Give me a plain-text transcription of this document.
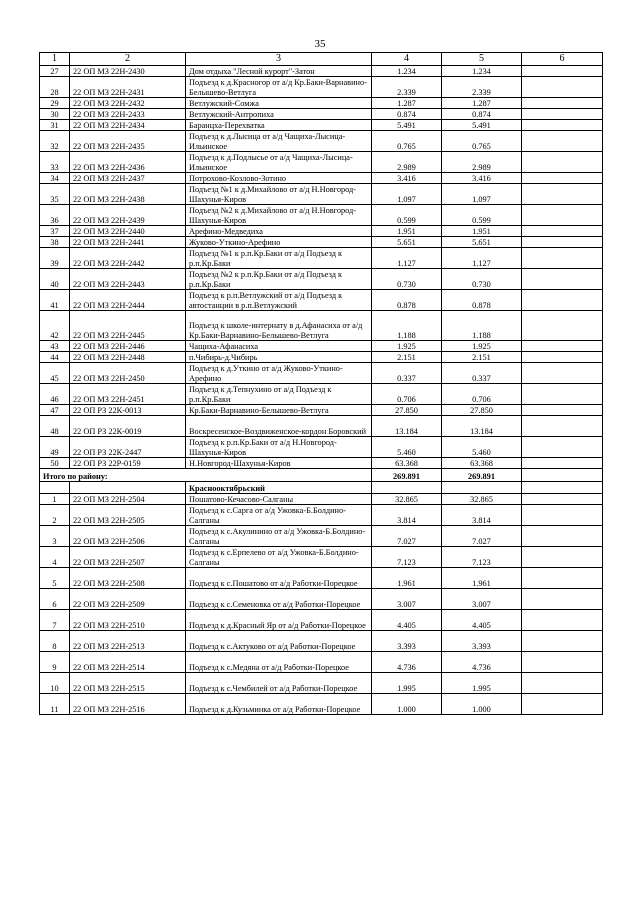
35
1	2	3	4	5	6
27	22 ОП МЗ 22Н-2430	Дом отдыха "Лесной курорт"-Затон	1.234	1.234	
28	22 ОП МЗ 22Н-2431	Подъезд к д.Красногор от а/д Кр.Баки-Варнавино-Белышево-Ветлуга	2.339	2.339	
29	22 ОП МЗ 22Н-2432	Ветлужский-Сомжа	1.287	1.287	
30	22 ОП МЗ 22Н-2433	Ветлужский-Антропиха	0.874	0.874	
31	22 ОП МЗ 22Н-2434	Баранцха-Перехватка	5.491	5.491	
32	22 ОП МЗ 22Н-2435	Подъезд к д.Лысица от а/д Чащиха-Лысица-Ильинское	0.765	0.765	
33	22 ОП МЗ 22Н-2436	Подъезд к д.Подлысье от а/д Чащиха-Лысица-Ильинское	2.989	2.989	
34	22 ОП МЗ 22Н-2437	Потрохово-Козлово-Зотино	3.416	3.416	
35	22 ОП МЗ 22Н-2438	Подъезд №1 к д.Михайлово от а/д Н.Новгород-Шахунья-Киров	1.097	1.097	
36	22 ОП МЗ 22Н-2439	Подъезд №2 к д.Михайлово от а/д Н.Новгород-Шахунья-Киров	0.599	0.599	
37	22 ОП МЗ 22Н-2440	Арефино-Медведиха	1.951	1.951	
38	22 ОП МЗ 22Н-2441	Жуково-Уткино-Арефино	5.651	5.651	
39	22 ОП МЗ 22Н-2442	Подъезд №1 к р.п.Кр.Баки от а/д Подъезд к р.п.Кр.Баки	1.127	1.127	
40	22 ОП МЗ 22Н-2443	Подъезд №2 к р.п.Кр.Баки от а/д Подъезд к р.п.Кр.Баки	0.730	0.730	
41	22 ОП МЗ 22Н-2444	Подъезд к р.п.Ветлужский от а/д Подъезд к автостанции в р.п.Ветлужский	0.878	0.878	
42	22 ОП МЗ 22Н-2445	Подъезд к школе-интернату в д.Афанасиха от а/д Кр.Баки-Варнавино-Белышево-Ветлуга	1.188	1.188	
43	22 ОП МЗ 22Н-2446	Чащиха-Афанасиха	1.925	1.925	
44	22 ОП МЗ 22Н-2448	п.Чибирь-д.Чибирь	2.151	2.151	
45	22 ОП МЗ 22Н-2450	Подъезд к д.Уткино от а/д Жуково-Уткино-Арефино	0.337	0.337	
46	22 ОП МЗ 22Н-2451	Подъезд к д.Тепнухино от а/д Подъезд к р.п.Кр.Баки	0.706	0.706	
47	22 ОП РЗ 22К-0013	Кр.Баки-Варнавино-Белышево-Ветлуга	27.850	27.850	
48	22 ОП РЗ 22К-0019	Воскресенское-Воздвиженское-кордон Боровский	13.184	13.184	
49	22 ОП РЗ 22К-2447	Подъезд к р.п.Кр.Баки от а/д Н.Новгород-Шахунья-Киров	5.460	5.460	
50	22 ОП РЗ 22Р-0159	Н.Новгород-Шахунья-Киров	63.368	63.368	
Итого по району:			269.891	269.891	
		Краснооктябрьский			
1	22 ОП МЗ 22Н-2504	Пошатово-Кечасово-Салганы	32.865	32.865	
2	22 ОП МЗ 22Н-2505	Подъезд к с.Сарга от а/д Ужовка-Б.Болдино-Салганы	3.814	3.814	
3	22 ОП МЗ 22Н-2506	Подъезд к с.Акулинино от а/д Ужовка-Б.Болдино-Салганы	7.027	7.027	
4	22 ОП МЗ 22Н-2507	Подъезд к с.Ерпелево от а/д Ужовка-Б.Болдино-Салганы	7.123	7.123	
5	22 ОП МЗ 22Н-2508	Подъезд к с.Пошатово от а/д Работки-Порецкое	1.961	1.961	
6	22 ОП МЗ 22Н-2509	Подъезд к с.Семеновка от а/д Работки-Порецкое	3.007	3.007	
7	22 ОП МЗ 22Н-2510	Подъезд к д.Красный Яр от а/д Работки-Порецкое	4.405	4.405	
8	22 ОП МЗ 22Н-2513	Подъезд к с.Актуково от а/д Работки-Порецкое	3.393	3.393	
9	22 ОП МЗ 22Н-2514	Подъезд к с.Медяна от а/д Работки-Порецкое	4.736	4.736	
10	22 ОП МЗ 22Н-2515	Подъезд к с.Чембилей от а/д Работки-Порецкое	1.995	1.995	
11	22 ОП МЗ 22Н-2516	Подъезд к д.Кузьминка от а/д Работки-Порецкое	1.000	1.000	
